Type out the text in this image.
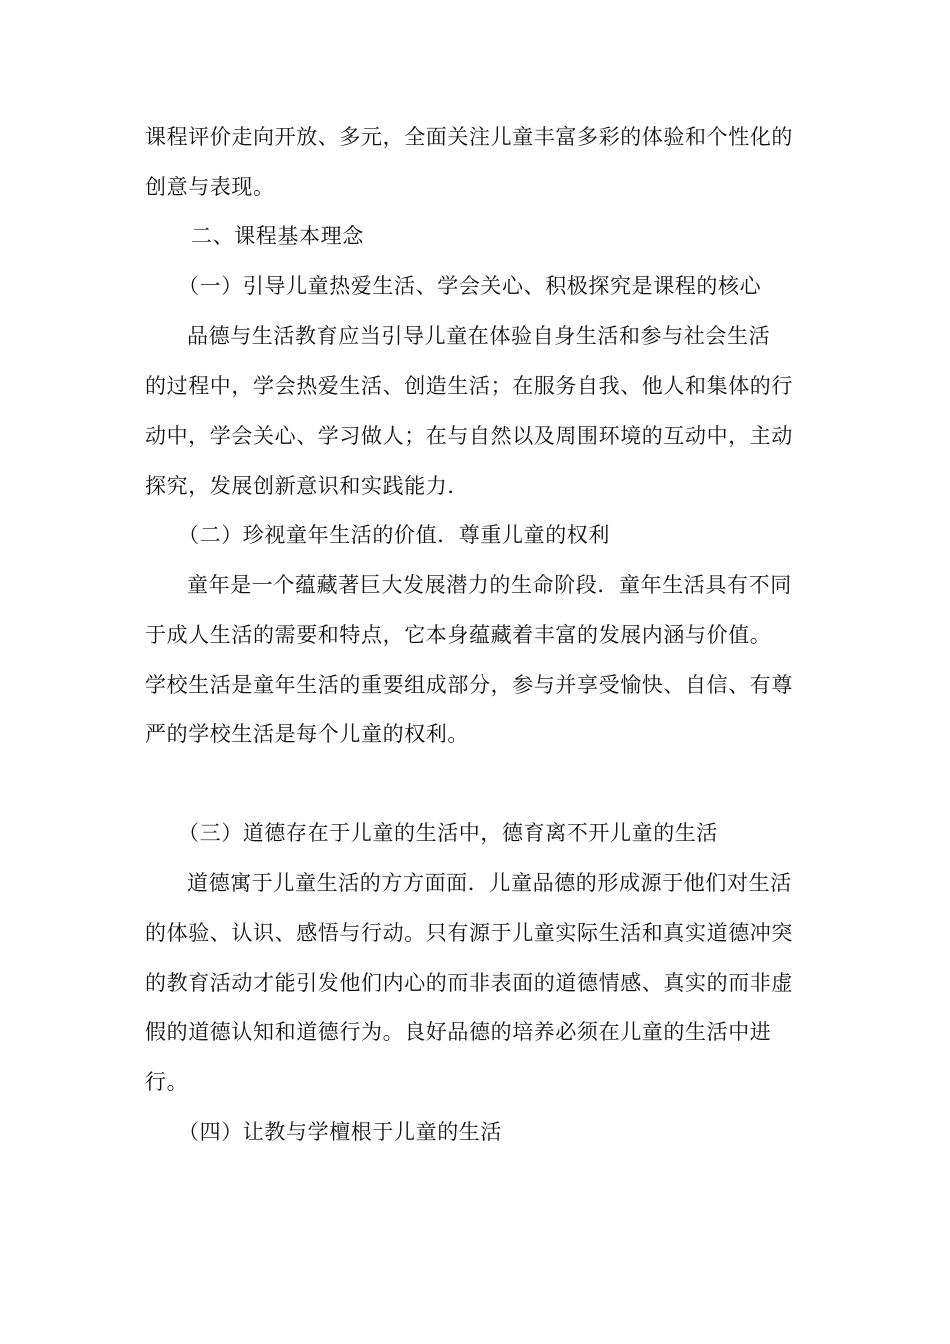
课程评价走向开放、多元，全面关注儿童丰富多彩的体验和个性化的
创意与表现。
二、课程基本理念
（一）引导儿童热爱生活、学会关心、积极探究是课程的核心
品德与生活教育应当引导儿童在体验自身生活和参与社会生活
的过程中，学会热爱生活、创造生活；在服务自我、他人和集体的行
动中，学会关心、学习做人；在与自然以及周围环境的互动中，主动
探究，发展创新意识和实践能力．
（二）珍视童年生活的价值．尊重儿童的权利
童年是一个蕴藏著巨大发展潜力的生命阶段．童年生活具有不同
于成人生活的需要和特点，它本身蕴藏着丰富的发展内涵与价值。
学校生活是童年生活的重要组成部分，参与并享受愉快、自信、有尊
严的学校生活是每个儿童的权利。
（三）道德存在于儿童的生活中，德育离不开儿童的生活
道德寓于儿童生活的方方面面．儿童品德的形成源于他们对生活
的体验、认识、感悟与行动。只有源于儿童实际生活和真实道德冲突
的教育活动才能引发他们内心的而非表面的道德情感、真实的而非虚
假的道德认知和道德行为。良好品德的培养必须在儿童的生活中进
行。
（四）让教与学檀根于儿童的生活
